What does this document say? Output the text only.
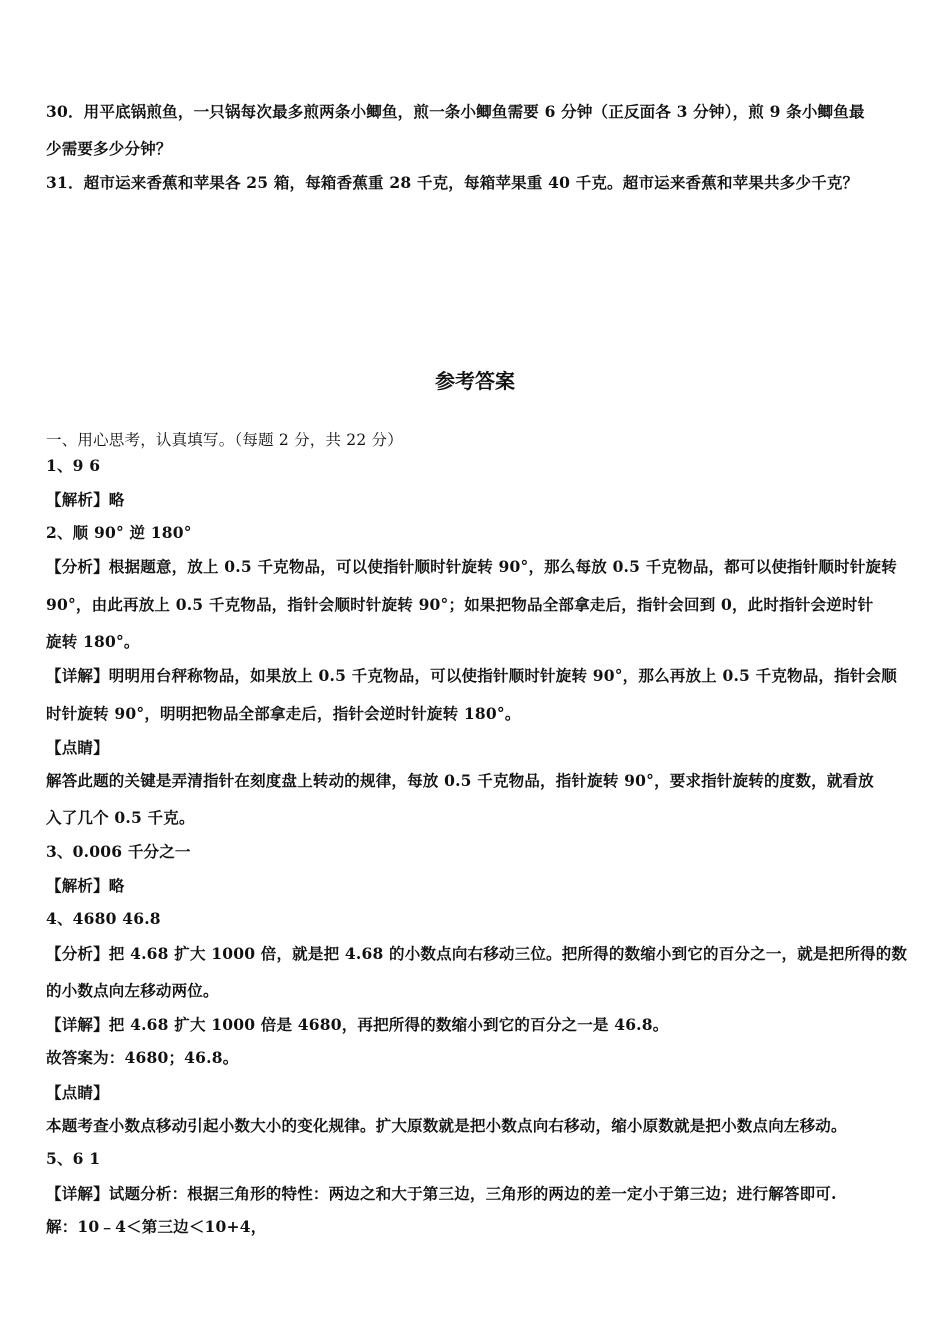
30．用平底锅煎鱼，一只锅每次最多煎两条小鲫鱼，煎一条小鲫鱼需要 6 分钟（正反面各 3 分钟），煎 9 条小鲫鱼最
少需要多少分钟？
31．超市运来香蕉和苹果各 25 箱，每箱香蕉重 28 千克，每箱苹果重 40 千克。超市运来香蕉和苹果共多少千克？
参考答案
一、用心思考，认真填写。（每题 2 分，共 22 分）
1、9 6
【解析】略
2、顺 90° 逆 180°
【分析】根据题意，放上 0.5 千克物品，可以使指针顺时针旋转 90°，那么每放 0.5 千克物品，都可以使指针顺时针旋转
90°，由此再放上 0.5 千克物品，指针会顺时针旋转 90°；如果把物品全部拿走后，指针会回到 0，此时指针会逆时针
旋转 180°。
【详解】明明用台秤称物品，如果放上 0.5 千克物品，可以使指针顺时针旋转 90°，那么再放上 0.5 千克物品，指针会顺
时针旋转 90°，明明把物品全部拿走后，指针会逆时针旋转 180°。
【点睛】
解答此题的关键是弄清指针在刻度盘上转动的规律，每放 0.5 千克物品，指针旋转 90°，要求指针旋转的度数，就看放
入了几个 0.5 千克。
3、0.006 千分之一
【解析】略
4、4680 46.8
【分析】把 4.68 扩大 1000 倍，就是把 4.68 的小数点向右移动三位。把所得的数缩小到它的百分之一，就是把所得的数
的小数点向左移动两位。
【详解】把 4.68 扩大 1000 倍是 4680，再把所得的数缩小到它的百分之一是 46.8。
故答案为：4680；46.8。
【点睛】
本题考查小数点移动引起小数大小的变化规律。扩大原数就是把小数点向右移动，缩小原数就是把小数点向左移动。
5、6 1
【详解】试题分析：根据三角形的特性：两边之和大于第三边，三角形的两边的差一定小于第三边；进行解答即可.
解：10﹣4＜第三边＜10+4，
